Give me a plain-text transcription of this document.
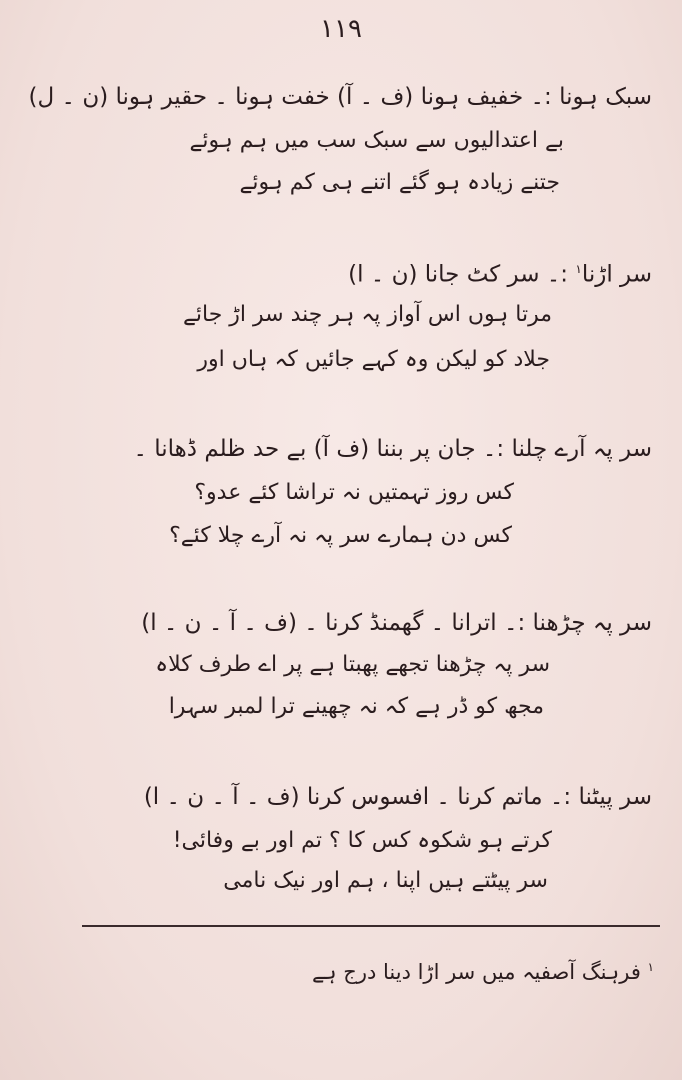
۱۱۹
سبک ہونا :۔ خفیف ہونا (ف ۔ آ) خفت ہونا ۔ حقیر ہونا (ن ۔ ل)
بے اعتدالیوں سے سبک سب میں ہم ہوئے
جتنے زیادہ ہو گئے اتنے ہی کم ہوئے
سر اڑنا$^۱$ :۔ سر کٹ جانا (ن ۔ ا)
مرتا ہوں اس آواز پہ ہر چند سر اڑ جائے
جلاد کو لیکن وہ کہے جائیں کہ ہاں اور
سر پہ آرے چلنا :۔ جان پر بننا (ف آ) بے حد ظلم ڈھانا ۔
کس روز تہمتیں نہ تراشا کئے عدو؟
کس دن ہمارے سر پہ نہ آرے چلا کئے؟
سر پہ چڑھنا :۔ اترانا ۔ گھمنڈ کرنا ۔ (ف ۔ آ ۔ ن ۔ ا)
سر پہ چڑھنا تجھے پھبتا ہے پر اے طرف کلاہ
مجھ کو ڈر ہے کہ نہ چھینے ترا لمبر سہرا
سر پیٹنا :۔ ماتم کرنا ۔ افسوس کرنا (ف ۔ آ ۔ ن ۔ ا)
کرتے ہو شکوہ کس کا ؟ تم اور بے وفائی!
سر پیٹتے ہیں اپنا ، ہم اور نیک نامی
$^۱$ فرہنگ آصفیہ میں سر اڑا دینا درج ہے
